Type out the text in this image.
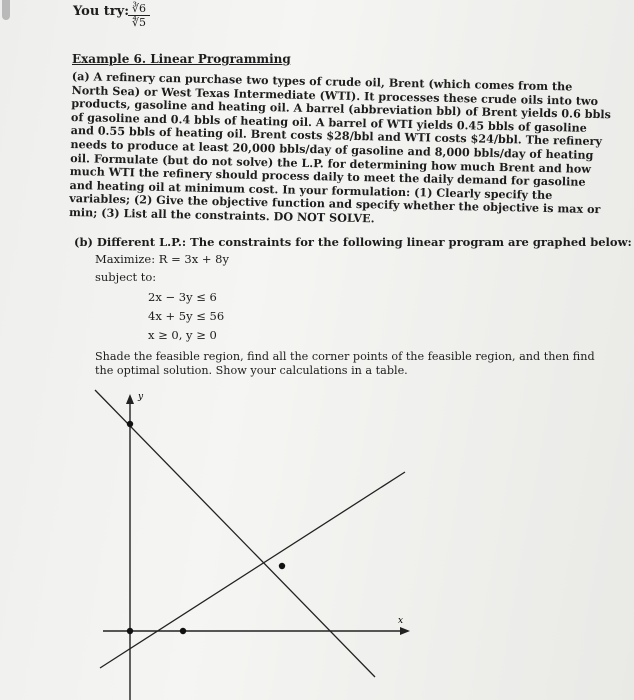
You try:
$\frac{∛6}{∜5}$
Example 6. Linear Programming
(a) A refinery can purchase two types of crude oil, Brent (which comes from the North Sea) or West Texas Intermediate (WTI). It processes these crude oils into two products, gasoline and heating oil. A barrel (abbreviation bbl) of Brent yields 0.6 bbls of gasoline and 0.4 bbls of heating oil. A barrel of WTI yields 0.45 bbls of gasoline and 0.55 bbls of heating oil. Brent costs $28/bbl and WTI costs $24/bbl. The refinery needs to produce at least 20,000 bbls/day of gasoline and 8,000 bbls/day of heating oil. Formulate (but do not solve) the L.P. for determining how much Brent and how much WTI the refinery should process daily to meet the daily demand for gasoline and heating oil at minimum cost. In your formulation: (1) Clearly specify the variables; (2) Give the objective function and specify whether the objective is max or min; (3) List all the constraints. DO NOT SOLVE.
(b) Different L.P.: The constraints for the following linear program are graphed below:
Maximize: R = 3x + 8y
subject to:
2x − 3y ≤ 6
4x + 5y ≤ 56
x ≥ 0, y ≥ 0
Shade the feasible region, find all the corner points of the feasible region, and then find the optimal solution. Show your calculations in a table.
y
x
